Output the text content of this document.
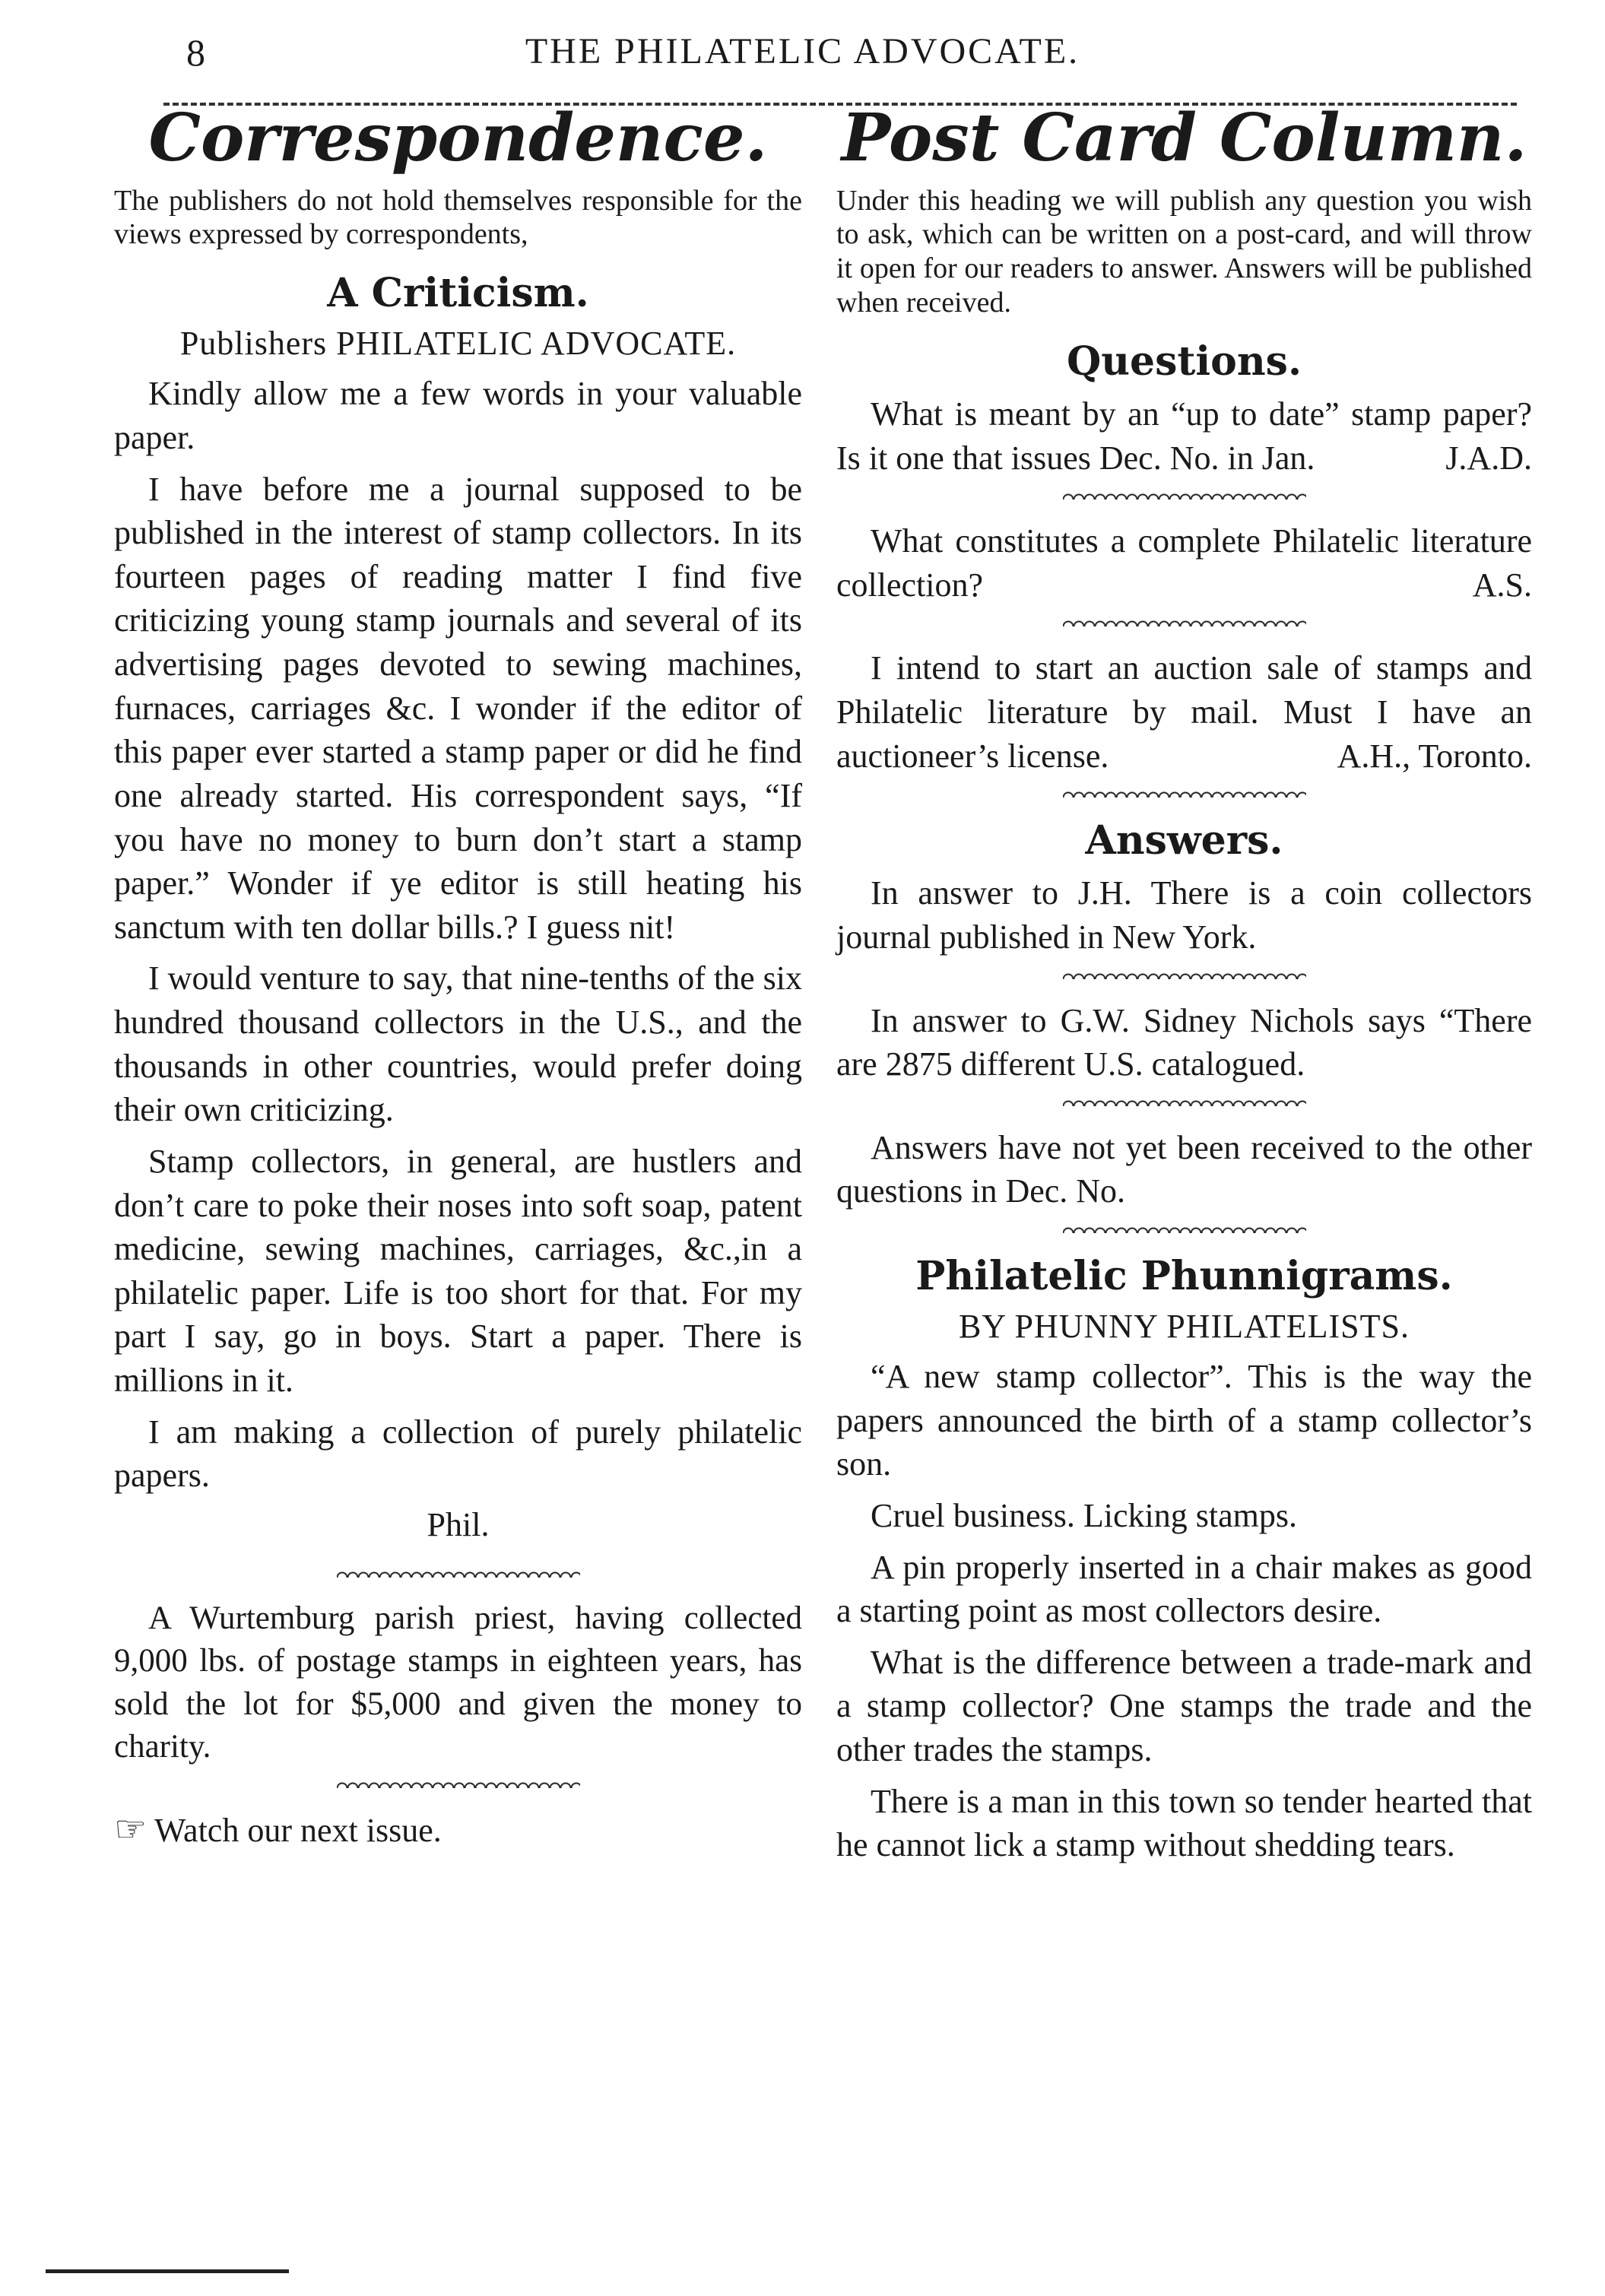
8	THE PHILATELIC ADVOCATE.
Correspondence.

The publishers do not hold themselves responsible for the views expressed by correspondents,

A Criticism.
Publishers PHILATELIC ADVOCATE.

Kindly allow me a few words in your valuable paper.

I have before me a journal supposed to be published in the interest of stamp collectors. In its fourteen pages of reading matter I find five criticizing young stamp journals and several of its advertising pages devoted to sewing machines, furnaces, carriages &c. I wonder if the editor of this paper ever started a stamp paper or did he find one already started. His correspondent says, “If you have no money to burn don’t start a stamp paper.” Wonder if ye editor is still heating his sanctum with ten dollar bills.? I guess nit!

I would venture to say, that nine-tenths of the six hundred thousand collectors in the U.S., and the thousands in other countries, would prefer doing their own criticizing.

Stamp collectors, in general, are hustlers and don’t care to poke their noses into soft soap, patent medicine, sewing machines, carriages, &c.,in a philatelic paper. Life is too short for that. For my part I say, go in boys. Start a paper. There is millions in it.

I am making a collection of purely philatelic papers.

Phil.

A Wurtemburg parish priest, having collected 9,000 lbs. of postage stamps in eighteen years, has sold the lot for $5,000 and given the money to charity.

☞ Watch our next issue.
Post Card Column.

Under this heading we will publish any question you wish to ask, which can be written on a post-card, and will throw it open for our readers to answer. Answers will be published when received.

Questions.

What is meant by an “up to date” stamp paper? Is it one that issues Dec. No. in Jan.	J.A.D.

What constitutes a complete Philatelic literature collection?	A.S.

I intend to start an auction sale of stamps and Philatelic literature by mail. Must I have an auctioneer’s license.	A.H., Toronto.

Answers.

In answer to J.H. There is a coin collectors journal published in New York.

In answer to G.W. Sidney Nichols says “There are 2875 different U.S. catalogued.

Answers have not yet been received to the other questions in Dec. No.

Philatelic Phunnigrams.
BY PHUNNY PHILATELISTS.

“A new stamp collector”. This is the way the papers announced the birth of a stamp collector’s son.

Cruel business. Licking stamps.

A pin properly inserted in a chair makes as good a starting point as most collectors desire.

What is the difference between a trade-mark and a stamp collector? One stamps the trade and the other trades the stamps.

There is a man in this town so tender hearted that he cannot lick a stamp without shedding tears.
